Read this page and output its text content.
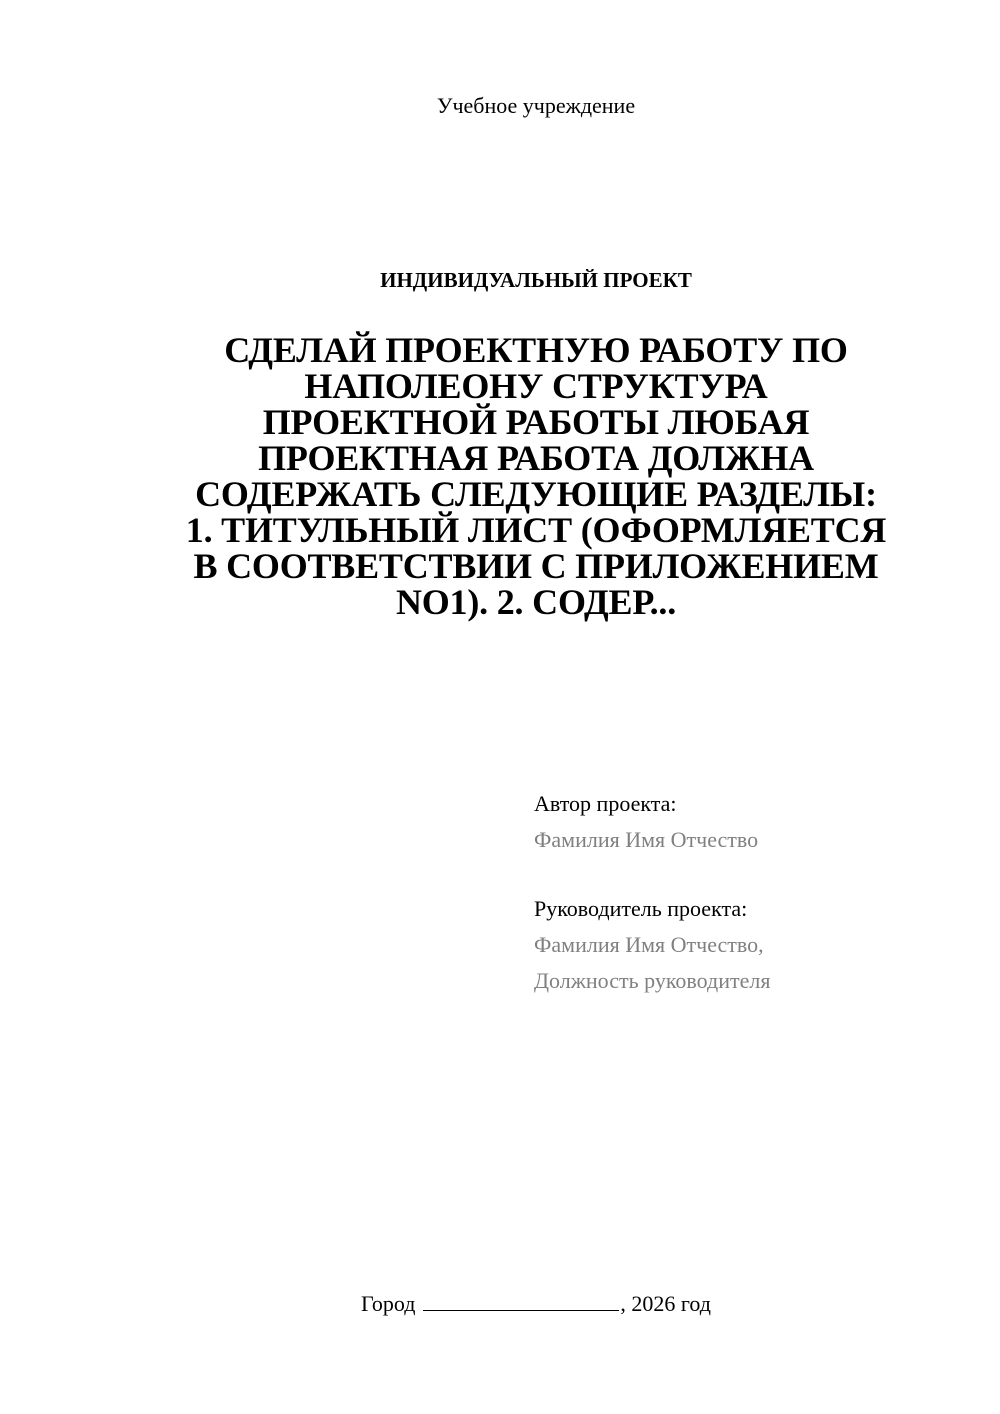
Учебное учреждение
ИНДИВИДУАЛЬНЫЙ ПРОЕКТ
СДЕЛАЙ ПРОЕКТНУЮ РАБОТУ ПО
НАПОЛЕОНУ СТРУКТУРА
ПРОЕКТНОЙ РАБОТЫ ЛЮБАЯ
ПРОЕКТНАЯ РАБОТА ДОЛЖНА
СОДЕРЖАТЬ СЛЕДУЮЩИЕ РАЗДЕЛЫ:
1. ТИТУЛЬНЫЙ ЛИСТ (ОФОРМЛЯЕТСЯ
В СООТВЕТСТВИИ С ПРИЛОЖЕНИЕМ
NO1). 2. СОДЕР...
Автор проекта:
Фамилия Имя Отчество
Руководитель проекта:
Фамилия Имя Отчество,
Должность руководителя
Город	, 2026 год
